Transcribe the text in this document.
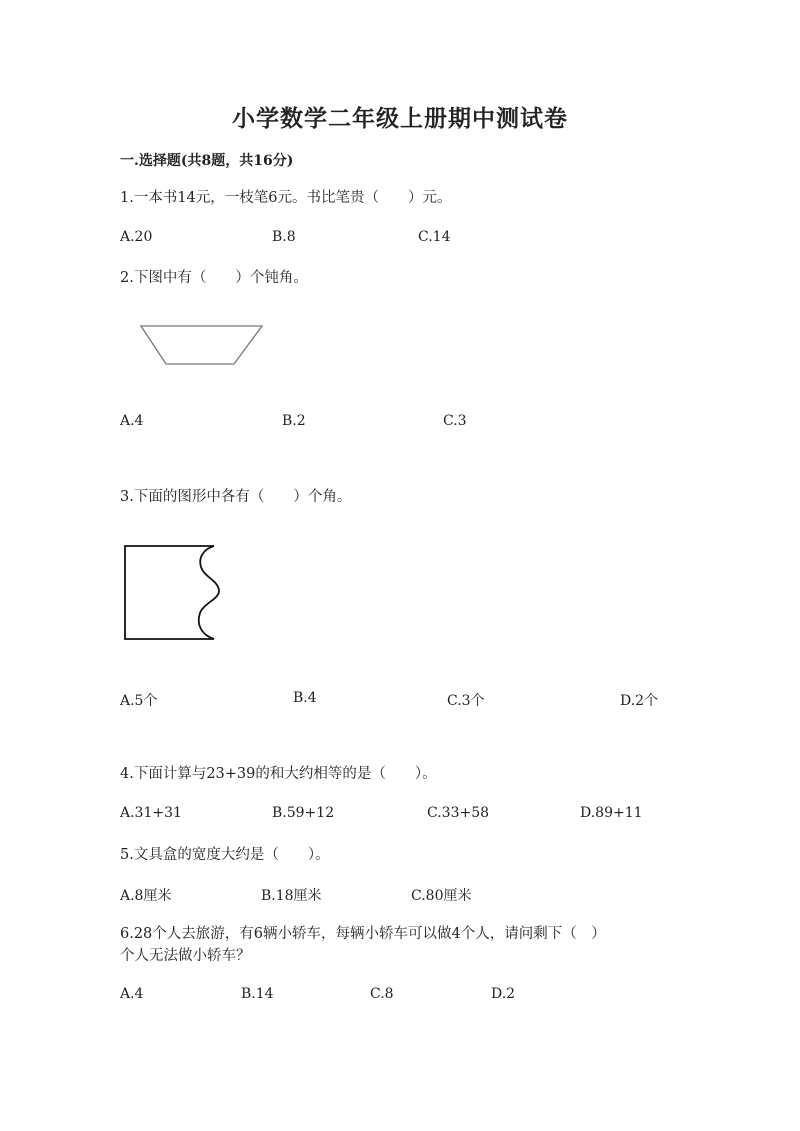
小学数学二年级上册期中测试卷
一.选择题(共8题，共16分)
1.一本书14元，一枝笔6元。书比笔贵（　　）元。
A.20	B.8	C.14
2.下图中有（　　）个钝角。
A.4	B.2	C.3
3.下面的图形中各有（　　）个角。
A.5个	B.4	C.3个	D.2个
4.下面计算与23+39的和大约相等的是（　　）。
A.31+31	B.59+12	C.33+58	D.89+11
5.文具盒的宽度大约是（　　）。
A.8厘米	B.18厘米	C.80厘米
6.28个人去旅游，有6辆小轿车，每辆小轿车可以做4个人，请问剩下（　）
个人无法做小轿车？
A.4	B.14	C.8	D.2
